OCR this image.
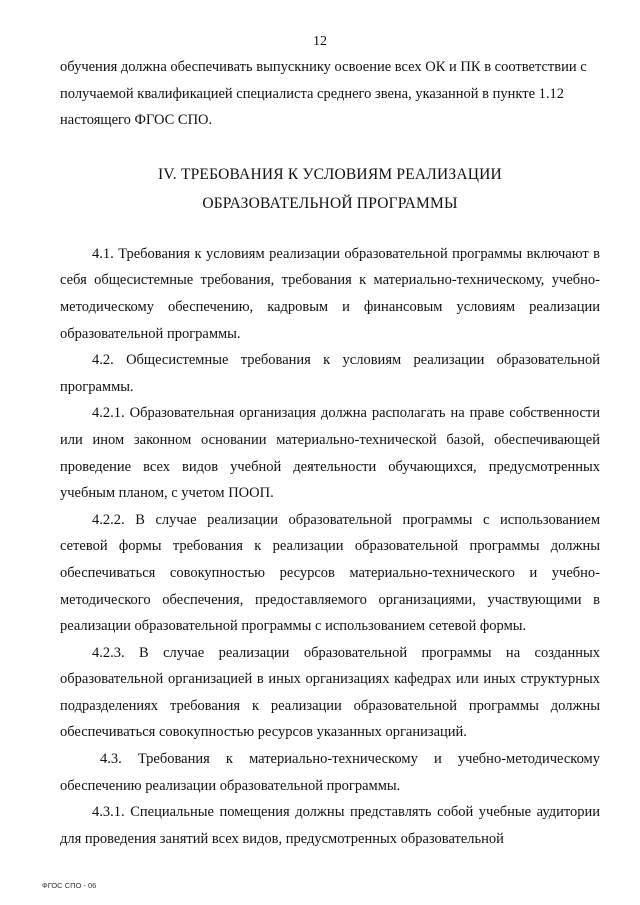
12

обучения должна обеспечивать выпускнику освоение всех ОК и ПК в соответствии с получаемой квалификацией специалиста среднего звена, указанной в пункте 1.12 настоящего ФГОС СПО.

IV. ТРЕБОВАНИЯ К УСЛОВИЯМ РЕАЛИЗАЦИИ
ОБРАЗОВАТЕЛЬНОЙ ПРОГРАММЫ

4.1. Требования к условиям реализации образовательной программы включают в себя общесистемные требования, требования к материально-техническому, учебно-методическому обеспечению, кадровым и финансовым условиям реализации образовательной программы.

4.2. Общесистемные требования к условиям реализации образовательной программы.

4.2.1. Образовательная организация должна располагать на праве собственности или ином законном основании материально-технической базой, обеспечивающей проведение всех видов учебной деятельности обучающихся, предусмотренных учебным планом, с учетом ПООП.

4.2.2. В случае реализации образовательной программы с использованием сетевой формы требования к реализации образовательной программы должны обеспечиваться совокупностью ресурсов материально-технического и учебно-методического обеспечения, предоставляемого организациями, участвующими в реализации образовательной программы с использованием сетевой формы.

4.2.3. В случае реализации образовательной программы на созданных образовательной организацией в иных организациях кафедрах или иных структурных подразделениях требования к реализации образовательной программы должны обеспечиваться совокупностью ресурсов указанных организаций.

4.3. Требования к материально-техническому и учебно-методическому обеспечению реализации образовательной программы.

4.3.1. Специальные помещения должны представлять собой учебные аудитории для проведения занятий всех видов, предусмотренных образовательной

ФГОС СПО - 06
